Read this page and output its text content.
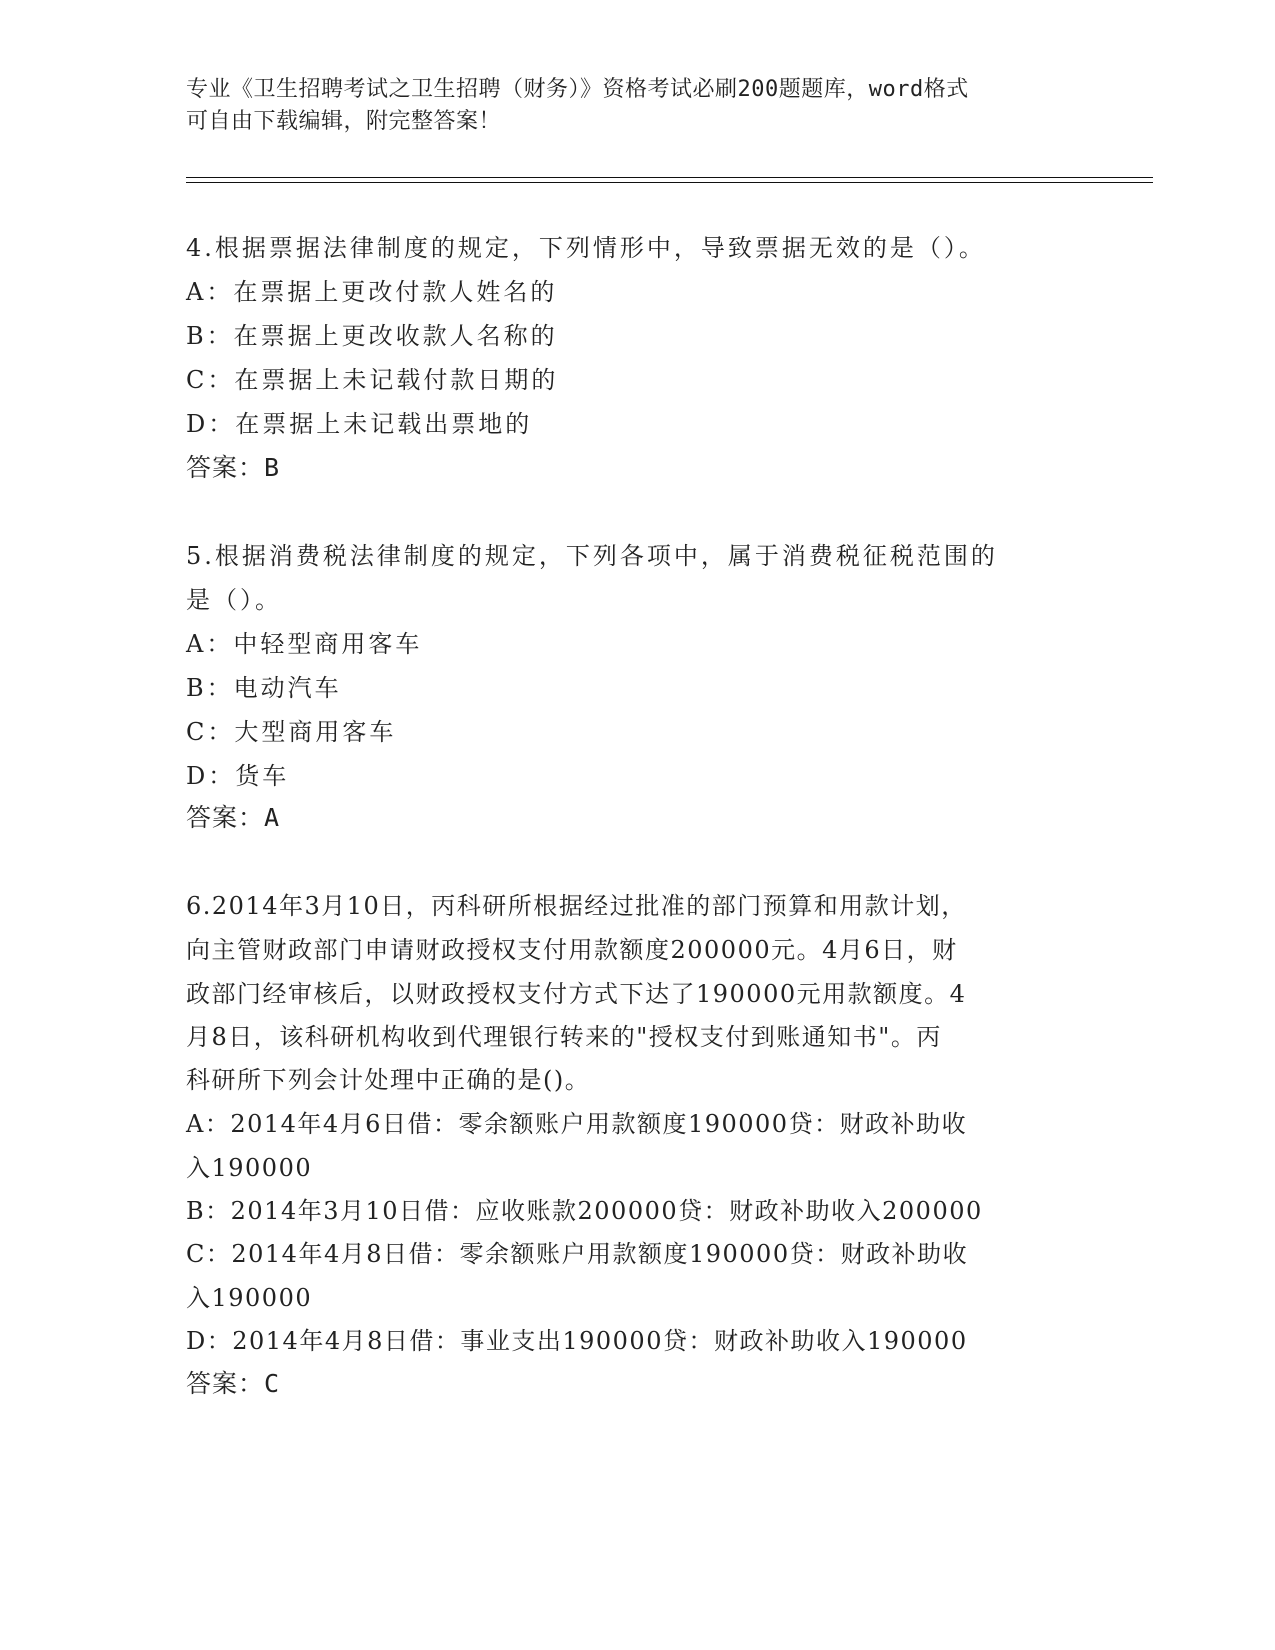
专业《卫生招聘考试之卫生招聘（财务）》资格考试必刷200题题库，word格式
可自由下载编辑，附完整答案！
4.根据票据法律制度的规定，下列情形中，导致票据无效的是（）。
A：在票据上更改付款人姓名的
B：在票据上更改收款人名称的
C：在票据上未记载付款日期的
D：在票据上未记载出票地的
答案：B
5.根据消费税法律制度的规定，下列各项中，属于消费税征税范围的
是（）。
A：中轻型商用客车
B：电动汽车
C：大型商用客车
D：货车
答案：A
6.2014年3月10日，丙科研所根据经过批准的部门预算和用款计划，
向主管财政部门申请财政授权支付用款额度200000元。4月6日，财
政部门经审核后，以财政授权支付方式下达了190000元用款额度。4
月8日，该科研机构收到代理银行转来的"授权支付到账通知书"。丙
科研所下列会计处理中正确的是()。
A：2014年4月6日借：零余额账户用款额度190000贷：财政补助收
入190000
B：2014年3月10日借：应收账款200000贷：财政补助收入200000
C：2014年4月8日借：零余额账户用款额度190000贷：财政补助收
入190000
D：2014年4月8日借：事业支出190000贷：财政补助收入190000
答案：C
